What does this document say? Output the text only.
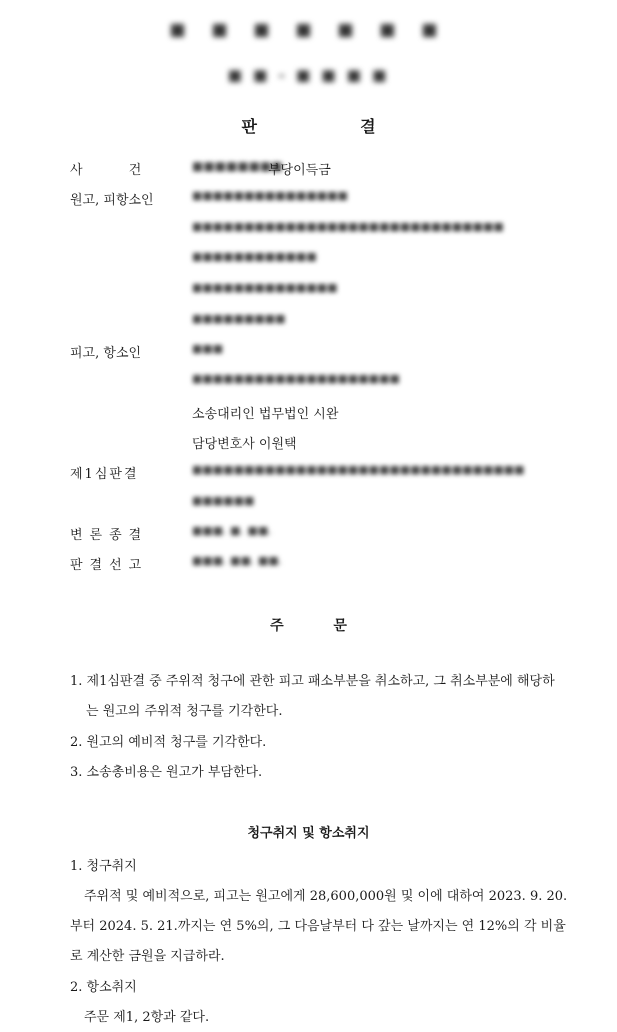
■ ■ ■ ■ ■ ■ ■
■ ■ - ■ ■ ■ ■
판	결
사 건 ■■■■■■■■
부당이득금
원고, 피항소인	■■■■■■■■■■■■■■■
■■■■■■■■■■■■■■■■■■■■■■■■■■■■■■
■■■■■■■■■■■■
■■■■■■■■■■■■■■
■■■■■■■■■
피고, 항소인	■■■
■■■■■■■■■■■■■■■■■■■■
소송대리인 법무법인 시완
담당변호사 이원택
제1심판결	■■■■■■■■■■■■■■■■■■■■■■■■■■■■■■■■
■■■■■■
변론종결	■■■. ■. ■■.
판결선고	■■■. ■■. ■■.
주	문
1. 제1심판결 중 주위적 청구에 관한 피고 패소부분을 취소하고, 그 취소부분에 해당하
는 원고의 주위적 청구를 기각한다.
2. 원고의 예비적 청구를 기각한다.
3. 소송총비용은 원고가 부담한다.
청구취지 및 항소취지
1. 청구취지
주위적 및 예비적으로, 피고는 원고에게 28,600,000원 및 이에 대하여 2023. 9. 20.
부터 2024. 5. 21.까지는 연 5%의, 그 다음날부터 다 갚는 날까지는 연 12%의 각 비율
로 계산한 금원을 지급하라.
2. 항소취지
주문 제1, 2항과 같다.
